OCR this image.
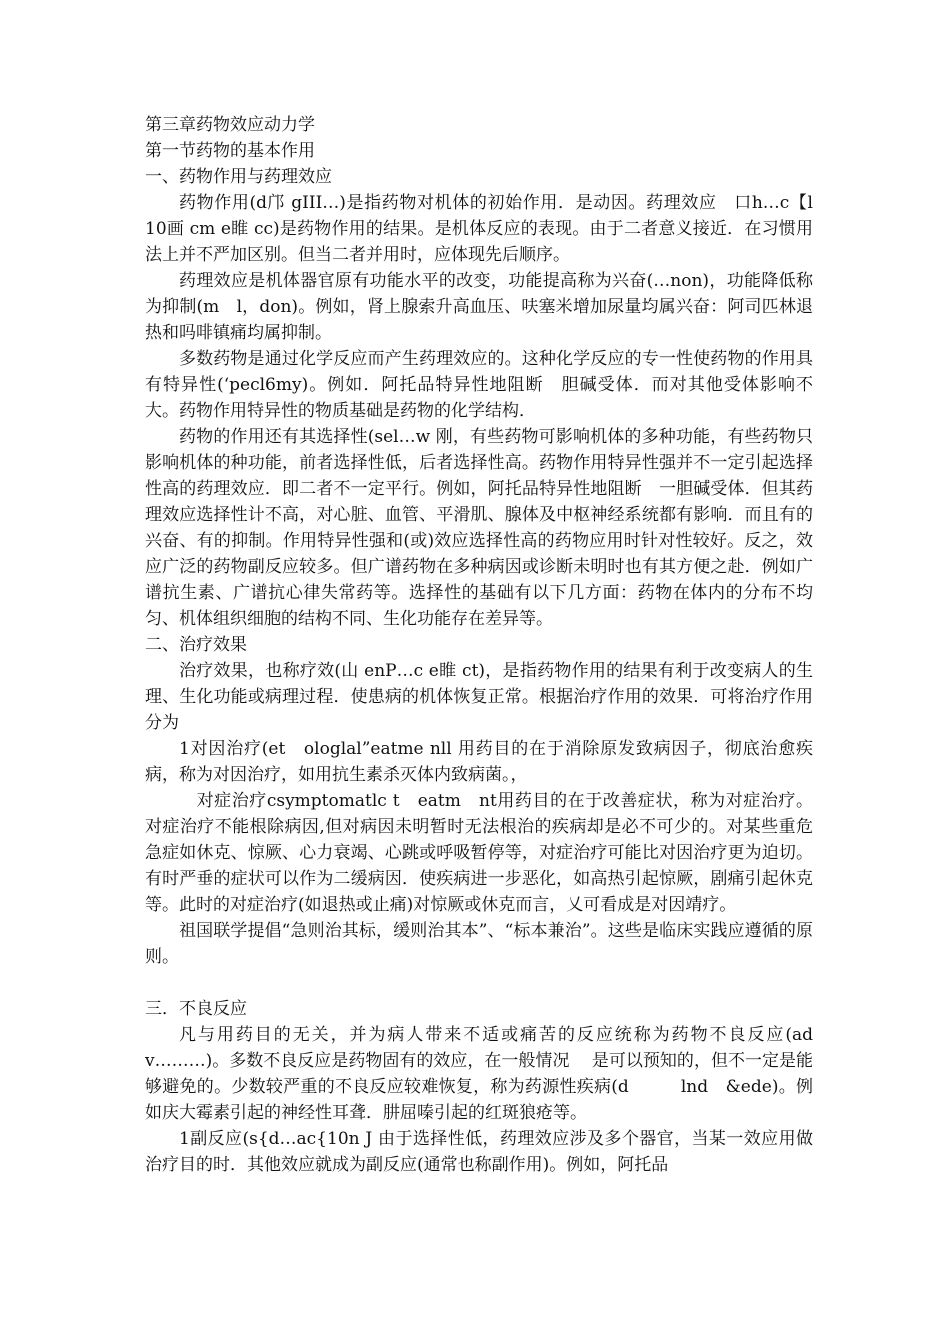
第三章药物效应动力学
第一节药物的基本作用
一、药物作用与药理效应
药物作用(d邝 gIII…)是指药物对机体的初始作用．是动因。药理效应　口h…c【l　10画 cm e睢 cc)是药物作用的结果。是机体反应的表现。由于二者意义接近．在习惯用法上并不严加区别。但当二者并用时，应体现先后顺序。
药理效应是机体器官原有功能水平的改变，功能提高称为兴奋(…non)，功能降低称为抑制(m　l，don)。例如，肾上腺索升高血压、呋塞米增加尿量均属兴奋：阿司匹林退热和吗啡镇痛均属抑制。
多数药物是通过化学反应而产生药理效应的。这种化学反应的专一性使药物的作用具有特异性(‘pecl6my)。例如．阿托品特异性地阻断　胆碱受体．而对其他受体影响不大。药物作用特异性的物质基础是药物的化学结构．
药物的作用还有其选择性(sel…w 刚，有些药物可影响机体的多种功能，有些药物只影响机体的种功能，前者选择性低，后者选择性高。药物作用特异性强并不一定引起选择性高的药理效应．即二者不一定平行。例如，阿托品特异性地阻断　一胆碱受体．但其药理效应选择性计不高，对心脏、血管、平滑肌、腺体及中枢神经系统都有影响．而且有的兴奋、有的抑制。作用特异性强和(或)效应选择性高的药物应用时针对性较好。反之，效应广泛的药物副反应较多。但广谱药物在多种病因或诊断未明时也有其方便之赴．例如广谱抗生素、广谱抗心律失常药等。选择性的基础有以下几方面：药物在体内的分布不均匀、机体组织细胞的结构不同、生化功能存在差异等。
二、治疗效果
治疗效果，也称疗效(山 enP…c e睢 ct)，是指药物作用的结果有利于改变病人的生理、生化功能或病理过程．使患病的机体恢复正常。根据治疗作用的效果．可将治疗作用分为
1对因治疗(et　ologlal”eatme nll 用药目的在于消除原发致病因子，彻底治愈疾病，称为对因治疗，如用抗生素杀灭体内致病菌。，
　对症治疗csymptomatlc t　eatm　nt用药目的在于改善症状，称为对症治疗。对症治疗不能根除病因,但对病因未明暂时无法根治的疾病却是必不可少的。对某些重危急症如休克、惊厥、心力衰竭、心跳或呼吸暂停等，对症治疗可能比对因治疗更为迫切。有时严垂的症状可以作为二缓病因．使疾病进一步恶化，如高热引起惊厥，剧痛引起休克等。此时的对症治疗(如退热或止痛)对惊厥或休克而言，乂可看成是对因靖疗。
祖国联学提倡“急则治其标，缓则治其本”、“标本兼治”。这些是临床实践应遵循的原则。
三．不良反应
凡与用药目的无关，并为病人带来不适或痛苦的反应统称为药物不良反应(adv………)。多数不良反应是药物固有的效应，在一般情况　 是可以预知的，但不一定是能够避免的。少数较严重的不良反应较难恢复，称为药源性疾病(d　　　lnd　&ede)。例如庆大霉素引起的神经性耳聋．肼屈嗪引起的红斑狼疮等。
1副反应(s{d…ac{10n J 由于选择性低，药理效应涉及多个器官，当某一效应用做治疗目的时．其他效应就成为副反应(通常也称副作用)。例如，阿托品
